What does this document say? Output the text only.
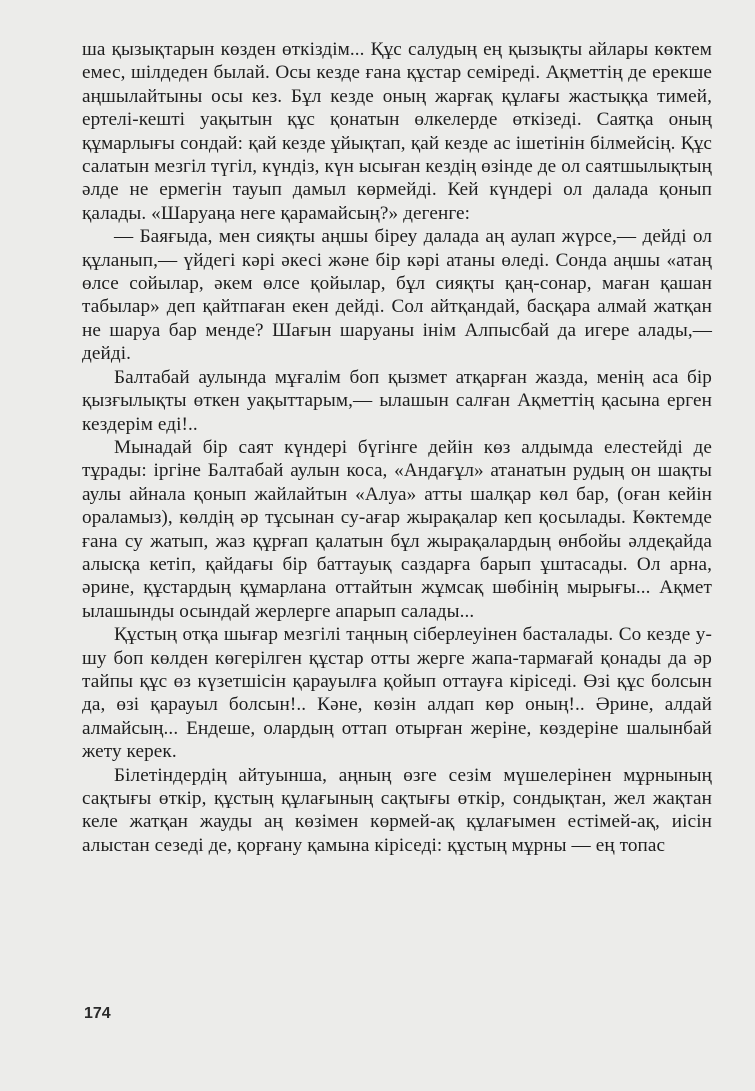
ша қызықтарын көзден өткіздім... Құс салудың ең қызықты айлары көктем емес, шілдеден былай. Осы кезде ғана құстар семіреді. Ақметтің де ерекше аңшылайтыны осы кез. Бұл кезде оның жарғақ құлағы жастыққа тимей, ертелі-кешті уақытын құс қонатын өлкелерде өткізеді. Саятқа оның құмарлығы сондай: қай кезде ұйықтап, қай кезде ас ішетінін білмейсің. Құс салатын мезгіл түгіл, күндіз, күн ысыған кездің өзінде де ол саятшылықтың әлде не ермегін тауып дамыл көрмейді. Кей күндері ол далада қонып қалады. «Шаруаңа неге қарамайсың?» дегенге:

— Баяғыда, мен сияқты аңшы біреу далада аң аулап жүрсе,— дейді ол құланып,— үйдегі кәрі әкесі және бір кәрі атаны өледі. Сонда аңшы «атаң өлсе сойылар, әкем өлсе қойылар, бұл сияқты қаң-сонар, маған қашан табылар» деп қайтпаған екен дейді. Сол айтқандай, басқара алмай жатқан не шаруа бар менде? Шағын шаруаны інім Алпысбай да игере алады,— дейді.

Балтабай аулында мұғалім боп қызмет атқарған жазда, менің аса бір қызғылықты өткен уақыттарым,— ылашын салған Ақметтің қасына ерген кездерім еді!..

Мынадай бір саят күндері бүгінге дейін көз алдымда елестейді де тұрады: іргіне Балтабай аулын коса, «Андағұл» атанатын рудың он шақты аулы айнала қонып жайлайтын «Алуа» атты шалқар көл бар, (оған кейін ораламыз), көлдің әр тұсынан су-ағар жырақалар кеп қосылады. Көктемде ғана су жатып, жаз құрғап қалатын бұл жырақалардың өнбойы әлдеқайда алысқа кетіп, қайдағы бір баттауық саздарға барып ұштасады. Ол арна, әрине, құстардың құмарлана оттайтын жұмсақ шөбінің мырығы... Ақмет ылашынды осындай жерлерге апарып салады...

Құстың отқа шығар мезгілі таңның сіберлеуінен басталады. Со кезде у-шу боп көлден көгерілген құстар отты жерге жапа-тармағай қонады да әр тайпы құс өз күзетшісін қарауылға қойып оттауға кіріседі. Өзі құс болсын да, өзі қарауыл болсын!.. Кәне, көзін алдап көр оның!.. Әрине, алдай алмайсың... Ендеше, олардың оттап отырған жеріне, көздеріне шалынбай жету керек.

Білетіндердің айтуынша, аңның өзге сезім мүшелерінен мұрнының сақтығы өткір, құстың құлағының сақтығы өткір, сондықтан, жел жақтан келе жатқан жауды аң көзімен көрмей-ақ құлағымен естімей-ақ, иісін алыстан сезеді де, қорғану қамына кіріседі: құстың мұрны — ең топас

174
